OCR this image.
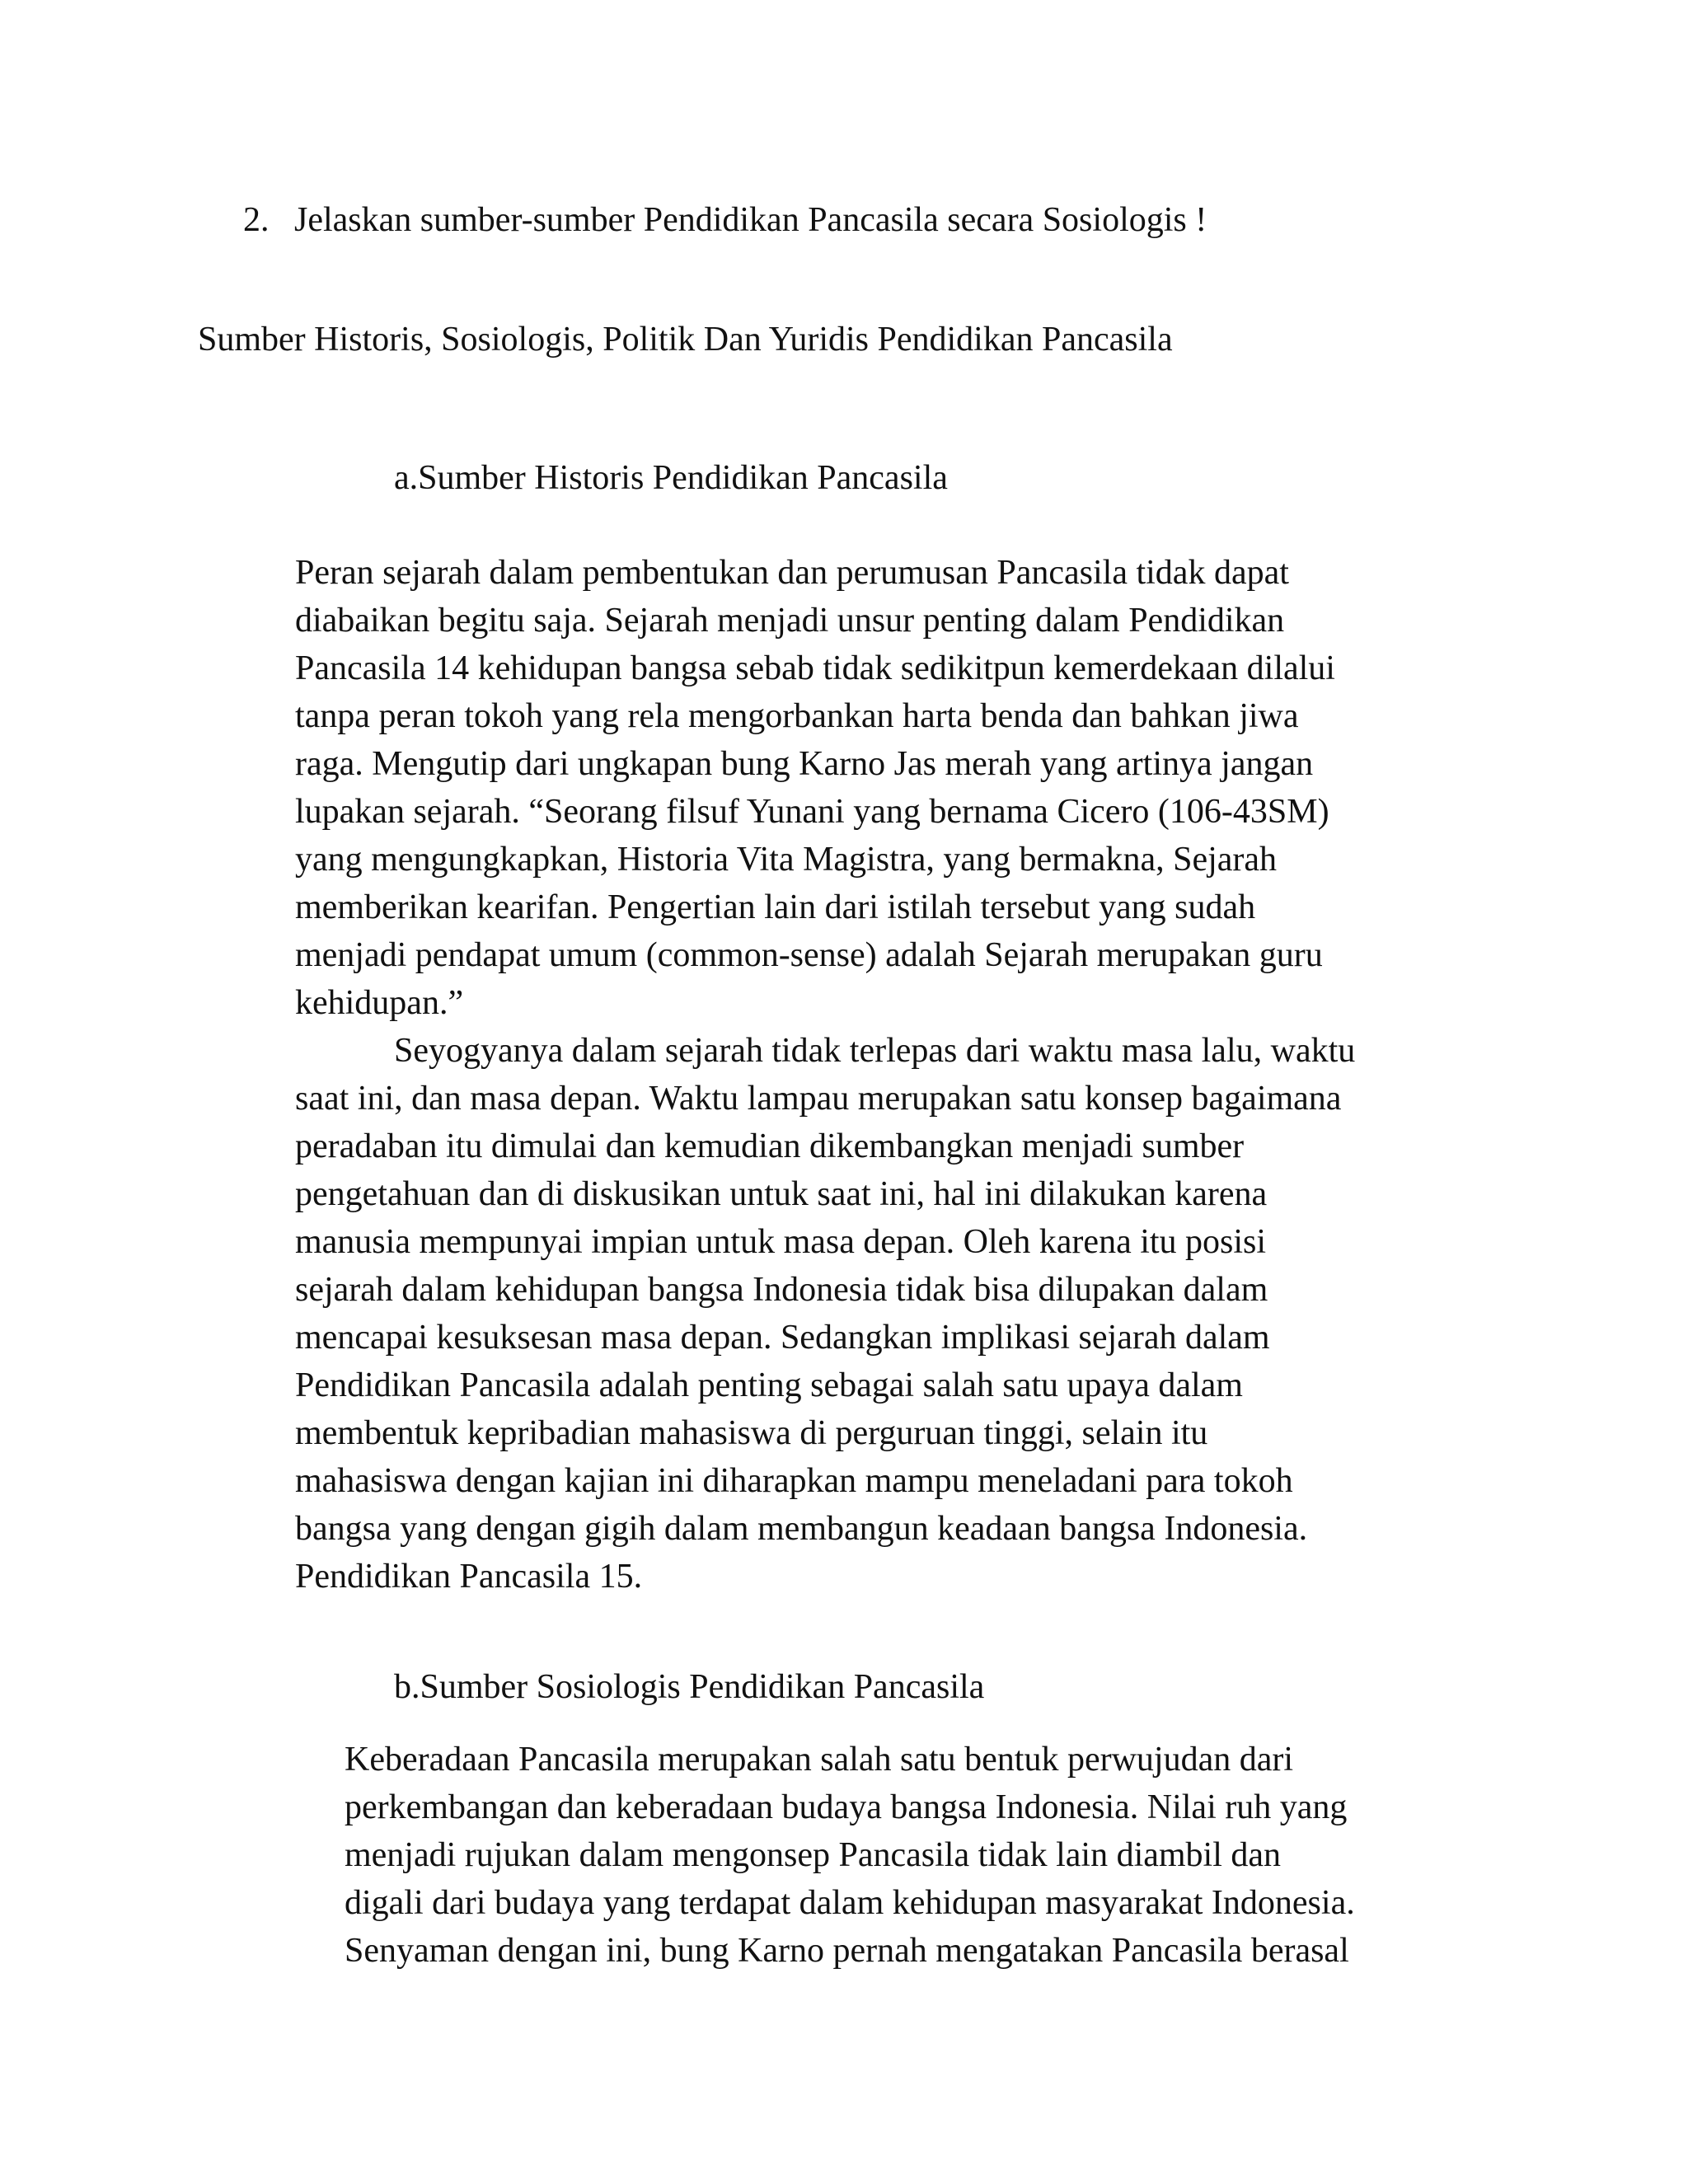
2. Jelaskan sumber-sumber Pendidikan Pancasila secara Sosiologis !
Sumber Historis, Sosiologis, Politik Dan Yuridis Pendidikan Pancasila
a.Sumber Historis Pendidikan Pancasila
Peran sejarah dalam pembentukan dan perumusan Pancasila tidak dapat
diabaikan begitu saja. Sejarah menjadi unsur penting dalam Pendidikan
Pancasila 14 kehidupan bangsa sebab tidak sedikitpun kemerdekaan dilalui
tanpa peran tokoh yang rela mengorbankan harta benda dan bahkan jiwa
raga. Mengutip dari ungkapan bung Karno Jas merah yang artinya jangan
lupakan sejarah. “Seorang filsuf Yunani yang bernama Cicero (106-43SM)
yang mengungkapkan, Historia Vita Magistra, yang bermakna, Sejarah
memberikan kearifan. Pengertian lain dari istilah tersebut yang sudah
menjadi pendapat umum (common-sense) adalah Sejarah merupakan guru
kehidupan.”
Seyogyanya dalam sejarah tidak terlepas dari waktu masa lalu, waktu
saat ini, dan masa depan. Waktu lampau merupakan satu konsep bagaimana
peradaban itu dimulai dan kemudian dikembangkan menjadi sumber
pengetahuan dan di diskusikan untuk saat ini, hal ini dilakukan karena
manusia mempunyai impian untuk masa depan. Oleh karena itu posisi
sejarah dalam kehidupan bangsa Indonesia tidak bisa dilupakan dalam
mencapai kesuksesan masa depan. Sedangkan implikasi sejarah dalam
Pendidikan Pancasila adalah penting sebagai salah satu upaya dalam
membentuk kepribadian mahasiswa di perguruan tinggi, selain itu
mahasiswa dengan kajian ini diharapkan mampu meneladani para tokoh
bangsa yang dengan gigih dalam membangun keadaan bangsa Indonesia.
Pendidikan Pancasila 15.
b.Sumber Sosiologis Pendidikan Pancasila
Keberadaan Pancasila merupakan salah satu bentuk perwujudan dari
perkembangan dan keberadaan budaya bangsa Indonesia. Nilai ruh yang
menjadi rujukan dalam mengonsep Pancasila tidak lain diambil dan
digali dari budaya yang terdapat dalam kehidupan masyarakat Indonesia.
Senyaman dengan ini, bung Karno pernah mengatakan Pancasila berasal
